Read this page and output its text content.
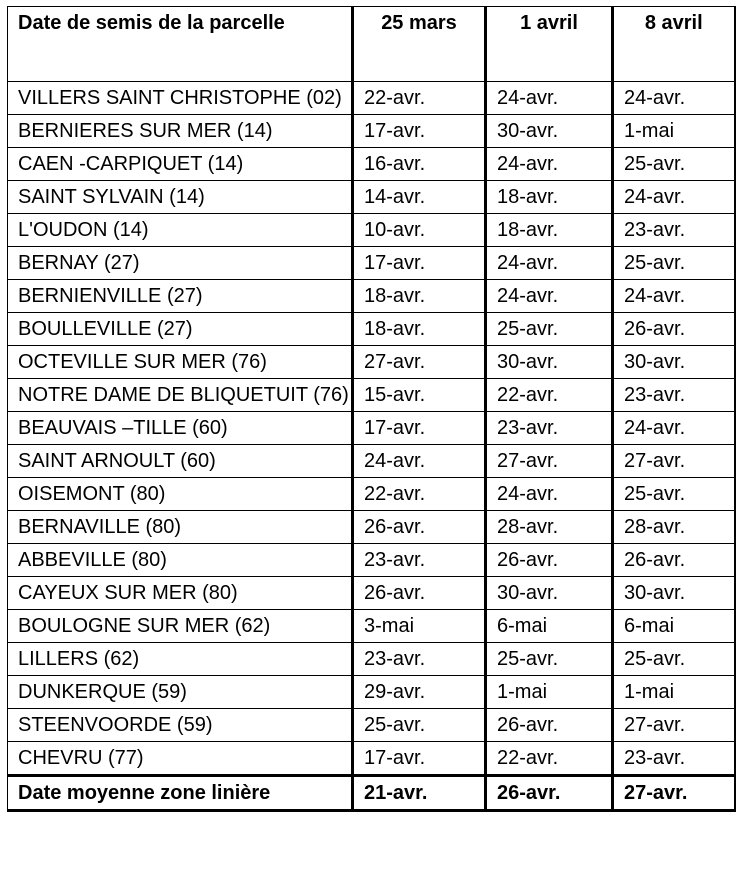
Date de semis de la parcelle	25 mars	1 avril	8 avril
VILLERS SAINT CHRISTOPHE (02)	22-avr.	24-avr.	24-avr.
BERNIERES SUR MER (14)	17-avr.	30-avr.	1-mai
CAEN -CARPIQUET (14)	16-avr.	24-avr.	25-avr.
SAINT SYLVAIN (14)	14-avr.	18-avr.	24-avr.
L'OUDON (14)	10-avr.	18-avr.	23-avr.
BERNAY (27)	17-avr.	24-avr.	25-avr.
BERNIENVILLE (27)	18-avr.	24-avr.	24-avr.
BOULLEVILLE (27)	18-avr.	25-avr.	26-avr.
OCTEVILLE SUR MER (76)	27-avr.	30-avr.	30-avr.
NOTRE DAME DE BLIQUETUIT (76)	15-avr.	22-avr.	23-avr.
BEAUVAIS –TILLE (60)	17-avr.	23-avr.	24-avr.
SAINT ARNOULT (60)	24-avr.	27-avr.	27-avr.
OISEMONT (80)	22-avr.	24-avr.	25-avr.
BERNAVILLE (80)	26-avr.	28-avr.	28-avr.
ABBEVILLE (80)	23-avr.	26-avr.	26-avr.
CAYEUX SUR MER (80)	26-avr.	30-avr.	30-avr.
BOULOGNE SUR MER (62)	3-mai	6-mai	6-mai
LILLERS (62)	23-avr.	25-avr.	25-avr.
DUNKERQUE (59)	29-avr.	1-mai	1-mai
STEENVOORDE (59)	25-avr.	26-avr.	27-avr.
CHEVRU (77)	17-avr.	22-avr.	23-avr.
Date moyenne zone linière	21-avr.	26-avr.	27-avr.
